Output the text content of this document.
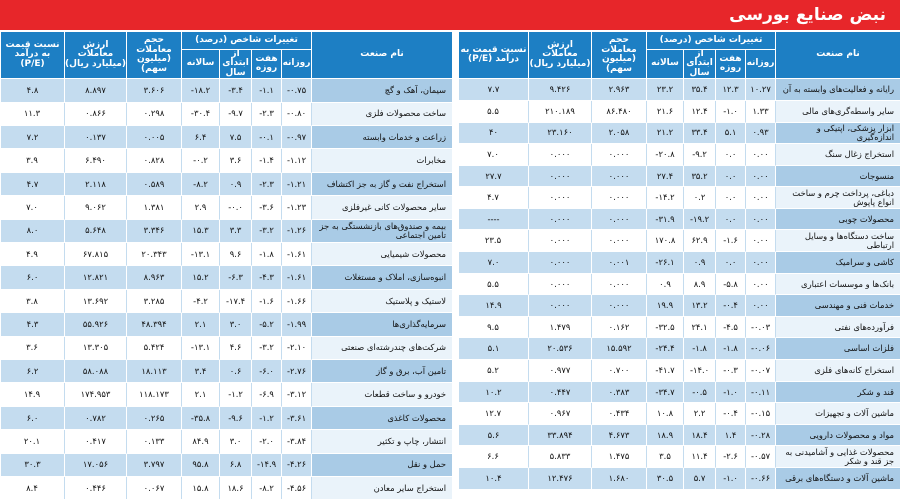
نبض صنایع بورسی
نام صنعت	تغییرات شاخص (درصد)				حجم معاملات (میلیون سهم)	ارزش معاملات (میلیارد ریال)	نسبت قیمت به درآمد (P/E)
	روزانه	هفت روزه	از ابتدای سال	سالانه			
رایانه و فعالیت‌های وابسته به آن	۱۰.۲۷	۱۲.۳	۳۵.۴	۲۳.۲	۲.۹۶۳	۹.۴۲۶	۷.۷
سایر واسطه‌گری‌های مالی	۱.۳۳	-۱.۰	۱۲.۴	۲۱.۶	۸۶.۴۸۰	۲۱۰.۱۸۹	۵.۵
ابزار پزشکی، اپتیکی و اندازه‌گیری	۰.۹۳	۵.۱	۳۳.۴	۲۱.۲	۲.۰۵۸	۲۳.۱۶۰	۴۰
استخراج زغال سنگ	۰.۰۰	۰.۰	-۹.۲	-۲۰.۸	۰.۰۰۰	۰.۰۰۰	۷.۰
منسوجات	۰.۰۰	۰.۰	۳۵.۲	۲۷.۴	۰.۰۰۰	۰.۰۰۰	۲۷.۷
دباغی، پرداخت چرم و ساخت انواع پاپوش	۰.۰۰	۰.۰	۰.۲	-۱۴.۲	۰.۰۰۰	۰.۰۰۰	۴.۷
محصولات چوبی	۰.۰۰	۰.۰	-۱۹.۲	-۳۱.۹	۰.۰۰۰	۰.۰۰۰	----
ساخت دستگاه‌ها و وسایل ارتباطی	۰.۰۰	-۱.۶	۶۲.۹	۱۷۰.۸	۰.۰۰۰	۰.۰۰۰	۲۳.۵
کاشی و سرامیک	۰.۰۰	۰.۰	۰.۹	-۲۶.۱	۰.۰۰۱	۰.۰۰۰	۷.۰
بانک‌ها و موسسات اعتباری	۰.۰۰	-۵.۸	۸.۹	۰.۹	۰.۰۰۰	۰.۰۰۰	۵.۵
خدمات فنی و مهندسی	۰.۰۰	-۰.۴	۱۳.۲	۱۹.۹	۰.۰۰۰	۰.۰۰۰	۱۴.۹
فرآورده‌های نفتی	-۰.۰۳	-۴.۵	۲۴.۱	-۳۲.۵	۰.۱۶۲	۱.۴۷۹	۹.۵
فلزات اساسی	-۰.۰۶	-۱.۸	-۱.۸	-۲۴.۴	۱۵.۵۹۲	۲۰.۵۳۶	۵.۱
استخراج کانه‌های فلزی	-۰.۰۷	-۰.۳	-۱۴.۰	-۴۱.۷	۰.۷۰۰	۰.۹۷۷	۵.۲
قند و شکر	-۰.۱۱	-۱.۰	-۰.۵	-۳۴.۷	۰.۳۸۳	۰.۴۴۷	۱۰.۲
ماشین آلات و تجهیزات	-۰.۱۵	-۰.۴	۲.۲	۱۰.۸	۰.۴۳۴	۰.۹۶۷	۱۲.۷
مواد و محصولات دارویی	-۰.۲۸	۱.۴	۱۸.۴	۱۸.۹	۴.۶۷۳	۳۳.۸۹۴	۵.۶
محصولات غذایی و آشامیدنی به جز قند و شکر	-۰.۵۷	-۲.۶	۱۱.۴	۳.۵	۱.۴۷۵	۵.۸۳۳	۶.۶
ماشین آلات و دستگاه‌های برقی	-۰.۶۶	-۱.۰	۵.۷	۳۰.۵	۱.۶۸۰	۱۲.۴۷۶	۱۰.۴
نام صنعت	تغییرات شاخص (درصد)				حجم معاملات (میلیون سهم)	ارزش معاملات (میلیارد ریال)	نسبت قیمت به درآمد (P/E)
	روزانه	هفت روزه	از ابتدای سال	سالانه			
سیمان، آهک و گچ	-۰.۷۵	-۱.۱	-۳.۴	-۱۸.۲	۳.۶۰۶	۸.۸۹۷	۴.۸
ساخت محصولات فلزی	-۰.۸۰	-۲.۳	-۹.۷	-۳۰.۴	۰.۲۹۸	۰.۸۶۶	۱۱.۳
زراعت و خدمات وابسته	-۰.۹۷	-۰.۱	۷.۵	۶.۴	۰.۰۰۵	۰.۱۳۷	۷.۲
مخابرات	-۱.۱۲	-۱.۴	۳.۶	-۰.۲	۰.۸۲۸	۶.۴۹۰	۳.۹
استخراج نفت و گاز به جز اکتشاف	-۱.۲۱	-۲.۳	۰.۹	-۸.۲	۰.۵۸۹	۲.۱۱۸	۴.۷
سایر محصولات کانی غیرفلزی	-۱.۲۳	-۳.۶	-۰.۰	۲.۹	۱.۳۸۱	۹.۰۶۲	۷.۰
بیمه و صندوق‌های بازنشستگی به جز تامین اجتماعی	-۱.۲۶	-۳.۲	۳.۳	۱۵.۳	۳.۳۴۶	۵.۶۴۸	۸.۰
محصولات شیمیایی	-۱.۶۱	-۱.۸	۹.۶	-۱۳.۱	۲۰.۳۴۳	۶۷.۸۱۵	۴.۹
انبوه‌سازی، املاک و مستغلات	-۱.۶۱	-۴.۳	-۶.۳	۱۵.۲	۸.۹۶۳	۱۲.۸۲۱	۶.۰
لاستیک و پلاستیک	-۱.۶۶	-۱.۶	-۱۷.۴	-۴.۲	۳.۲۸۵	۱۳.۶۹۲	۳.۸
سرمایه‌گذاری‌ها	-۱.۹۹	-۵.۲	۳.۰	۲.۱	۴۸.۳۹۴	۵۵.۹۲۶	۴.۳
شرکت‌های چندرشته‌ای صنعتی	-۲.۱۰	-۳.۲	۴.۶	-۱۳.۱	۵.۴۲۴	۱۳.۳۰۵	۳.۶
تامین آب، برق و گاز	-۲.۷۶	-۶.۰	۰.۶	۳.۴	۱۸.۱۱۳	۵۸.۰۸۸	۶.۲
خودرو و ساخت قطعات	-۳.۱۲	-۶.۹	-۱.۲	۲.۱	۱۱۸.۱۷۳	۱۷۴.۹۵۳	۱۴.۹
محصولات کاغذی	-۳.۶۱	-۱.۲	-۹.۶	-۳۵.۸	۰.۲۶۵	۰.۷۸۲	۶.۰
انتشار، چاپ و تکثیر	-۳.۸۴	-۲.۰	۳.۰	۸۴.۹	۰.۱۳۳	۰.۴۱۷	۲۰.۱
حمل و نقل	-۴.۲۶	-۱۴.۹	۶.۸	۹۵.۸	۳.۷۹۷	۱۷.۰۵۶	۳۰.۳
استخراج سایر معادن	-۴.۵۶	-۸.۲	۱۸.۶	۱۵.۸	۰.۰۶۷	۰.۴۴۶	۸.۴
